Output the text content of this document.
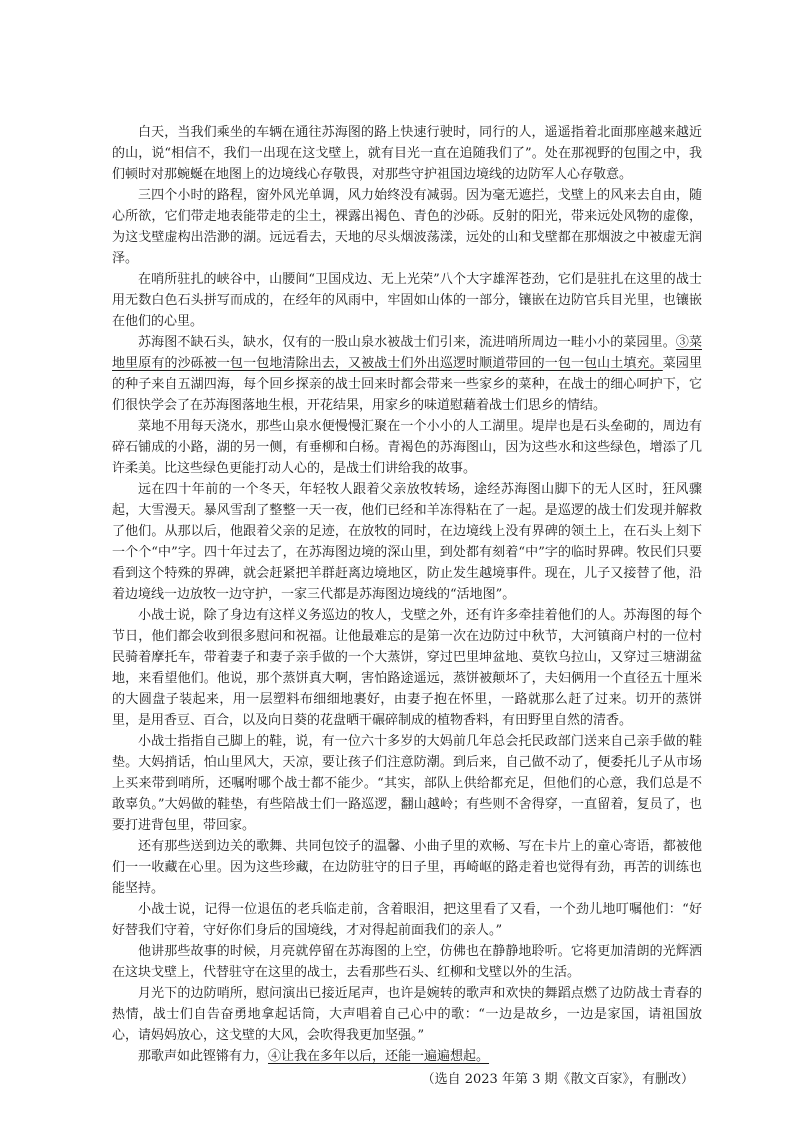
白天，当我们乘坐的车辆在通往苏海图的路上快速行驶时，同行的人，遥遥指着北面那座越来越近的山，说“相信不，我们一出现在这戈壁上，就有目光一直在追随我们了”。处在那视野的包围之中，我们顿时对那蜿蜒在地图上的边境线心存敬畏，对那些守护祖国边境线的边防军人心存敬意。

三四个小时的路程，窗外风光单调，风力始终没有减弱。因为毫无遮拦，戈壁上的风来去自由，随心所欲，它们带走地表能带走的尘土，裸露出褐色、青色的沙砾。反射的阳光，带来远处风物的虚像，为这戈壁虚构出浩渺的湖。远远看去，天地的尽头烟波荡漾，远处的山和戈壁都在那烟波之中被虚无润泽。

在哨所驻扎的峡谷中，山腰间“卫国戍边、无上光荣”八个大字雄浑苍劲，它们是驻扎在这里的战士用无数白色石头拼写而成的，在经年的风雨中，牢固如山体的一部分，镶嵌在边防官兵目光里，也镶嵌在他们的心里。

苏海图不缺石头，缺水，仅有的一股山泉水被战士们引来，流进哨所周边一畦小小的菜园里。③菜地里原有的沙砾被一包一包地清除出去，又被战士们外出巡逻时顺道带回的一包一包山土填充。菜园里的种子来自五湖四海，每个回乡探亲的战士回来时都会带来一些家乡的菜种，在战士的细心呵护下，它们很快学会了在苏海图落地生根，开花结果，用家乡的味道慰藉着战士们思乡的情结。

菜地不用每天浇水，那些山泉水便慢慢汇聚在一个小小的人工湖里。堤岸也是石头垒砌的，周边有碎石铺成的小路，湖的另一侧，有垂柳和白杨。青褐色的苏海图山，因为这些水和这些绿色，增添了几许柔美。比这些绿色更能打动人心的，是战士们讲给我的故事。

远在四十年前的一个冬天，年轻牧人跟着父亲放牧转场，途经苏海图山脚下的无人区时，狂风骤起，大雪漫天。暴风雪刮了整整一天一夜，他们已经和羊冻得粘在了一起。是巡逻的战士们发现并解救了他们。从那以后，他跟着父亲的足迹，在放牧的同时，在边境线上没有界碑的领土上，在石头上刻下一个个“中”字。四十年过去了，在苏海图边境的深山里，到处都有刻着“中”字的临时界碑。牧民们只要看到这个特殊的界碑，就会赶紧把羊群赶离边境地区，防止发生越境事件。现在，儿子又接替了他，沿着边境线一边放牧一边守护，一家三代都是苏海图边境线的“活地图”。

小战士说，除了身边有这样义务巡边的牧人，戈壁之外，还有许多牵挂着他们的人。苏海图的每个节日，他们都会收到很多慰问和祝福。让他最难忘的是第一次在边防过中秋节，大河镇商户村的一位村民骑着摩托车，带着妻子和妻子亲手做的一个大蒸饼，穿过巴里坤盆地、莫钦乌拉山，又穿过三塘湖盆地，来看望他们。他说，那个蒸饼真大啊，害怕路途遥远，蒸饼被颠坏了，夫妇俩用一个直径五十厘米的大圆盘子装起来，用一层塑料布细细地裹好，由妻子抱在怀里，一路就那么赶了过来。切开的蒸饼里，是用香豆、百合，以及向日葵的花盘晒干碾碎制成的植物香料，有田野里自然的清香。

小战士指指自己脚上的鞋，说，有一位六十多岁的大妈前几年总会托民政部门送来自己亲手做的鞋垫。大妈捎话，怕山里风大，天凉，要让孩子们注意防潮。到后来，自己做不动了，便委托儿子从市场上买来带到哨所，还嘱咐哪个战士都不能少。“其实，部队上供给都充足，但他们的心意，我们总是不敢辜负。”大妈做的鞋垫，有些陪战士们一路巡逻，翻山越岭；有些则不舍得穿，一直留着，复员了，也要打进背包里，带回家。

还有那些送到边关的歌舞、共同包饺子的温馨、小曲子里的欢畅、写在卡片上的童心寄语，都被他们一一收藏在心里。因为这些珍藏，在边防驻守的日子里，再崎岖的路走着也觉得有劲，再苦的训练也能坚持。

小战士说，记得一位退伍的老兵临走前，含着眼泪，把这里看了又看，一个劲儿地叮嘱他们：“好好替我们守着，守好你们身后的国境线，才对得起前面我们的亲人。”

他讲那些故事的时候，月亮就停留在苏海图的上空，仿佛也在静静地聆听。它将更加清朗的光辉洒在这块戈壁上，代替驻守在这里的战士，去看那些石头、红柳和戈壁以外的生活。

月光下的边防哨所，慰问演出已接近尾声，也许是婉转的歌声和欢快的舞蹈点燃了边防战士青春的热情，战士们自告奋勇地拿起话筒，大声唱着自己心中的歌：“一边是故乡，一边是家国，请祖国放心，请妈妈放心，这戈壁的大风，会吹得我更加坚强。”

那歌声如此铿锵有力，④让我在多年以后，还能一遍遍想起。

（选自 2023 年第 3 期《散文百家》，有删改）
